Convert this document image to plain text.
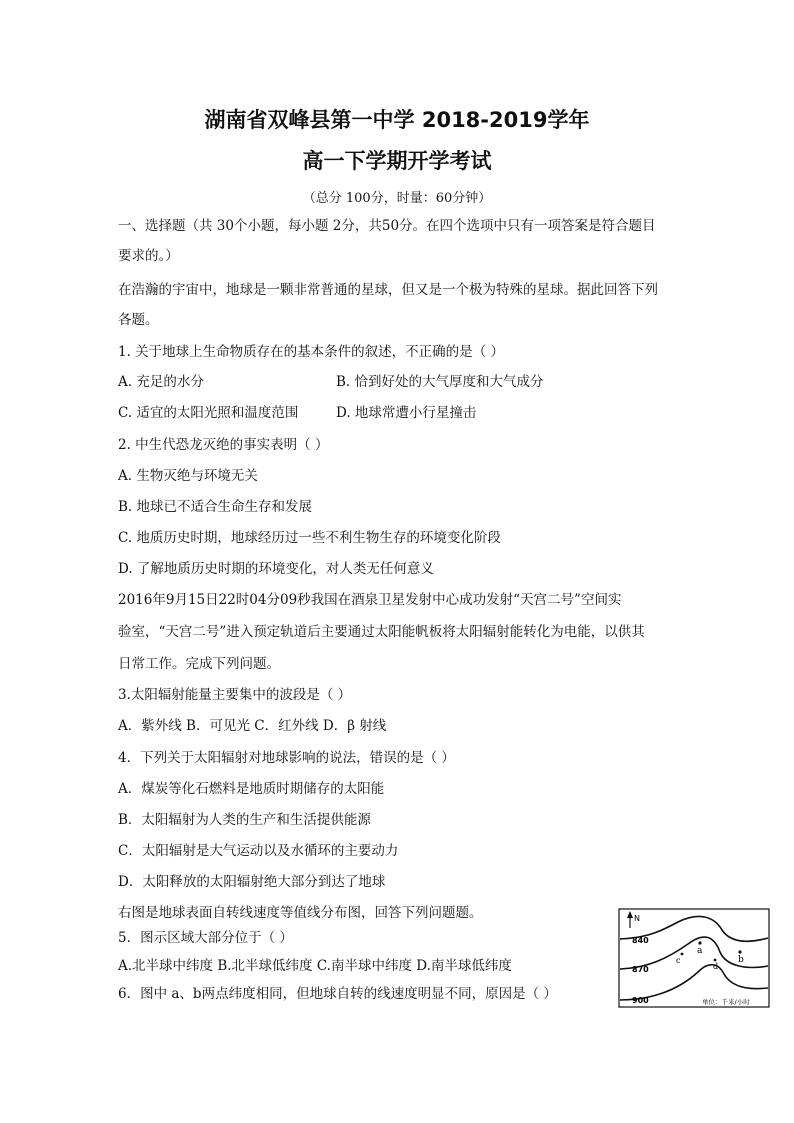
湖南省双峰县第一中学 2018-2019学年
高一下学期开学考试
（总分 100分，时量：60分钟）
一、选择题（共 30个小题，每小题 2分，共50分。在四个选项中只有一项答案是符合题目
要求的。）
在浩瀚的宇宙中，地球是一颗非常普通的星球，但又是一个极为特殊的星球。据此回答下列
各题。
1. 关于地球上生命物质存在的基本条件的叙述，不正确的是（ ）
A. 充足的水分	B. 恰到好处的大气厚度和大气成分
C. 适宜的太阳光照和温度范围	D. 地球常遭小行星撞击
2. 中生代恐龙灭绝的事实表明（ ）
A. 生物灭绝与环境无关
B. 地球已不适合生命生存和发展
C. 地质历史时期，地球经历过一些不利生物生存的环境变化阶段
D. 了解地质历史时期的环境变化，对人类无任何意义
2016年9月15日22时04分09秒我国在酒泉卫星发射中心成功发射“天宫二号”空间实
验室，“天宫二号”进入预定轨道后主要通过太阳能帆板将太阳辐射能转化为电能，以供其
日常工作。完成下列问题。
3.太阳辐射能量主要集中的波段是（ ）
A．紫外线 B．可见光 C．红外线 D．β 射线
4．下列关于太阳辐射对地球影响的说法，错误的是（ ）
A．煤炭等化石燃料是地质时期储存的太阳能
B．太阳辐射为人类的生产和生活提供能源
C．太阳辐射是大气运动以及水循环的主要动力
D．太阳释放的太阳辐射绝大部分到达了地球
右图是地球表面自转线速度等值线分布图，回答下列问题题。
5．图示区域大部分位于（ ）
A.北半球中纬度 B.北半球低纬度 C.南半球中纬度 D.南半球低纬度
6．图中 a、b两点纬度相同，但地球自转的线速度明显不同，原因是（ ）
N
840
870
900
a
b
c
d
单位：千米/小时
